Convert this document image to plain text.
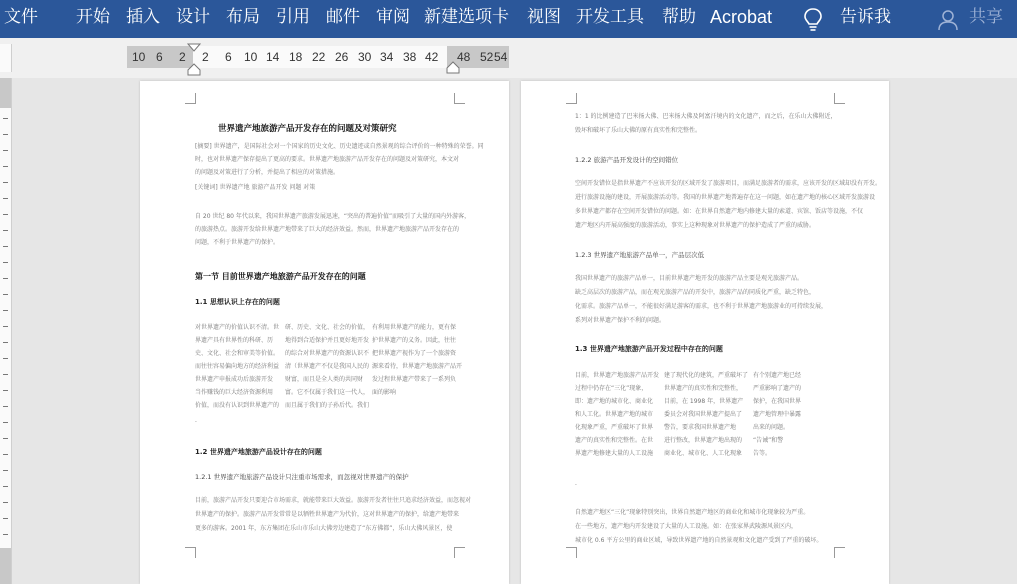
文件 开始 插入 设计 布局 引用 邮件 审阅 新建选项卡 视图 开发工具 帮助 Acrobat	告诉我	共享
10 6 2 2 6 10 14 18 22 26 30 34 38 42 48 52 54
世界遗产地旅游产品开发存在的问题及对策研究
[摘要] 世界遗产，是国际社会对一个国家的历史文化、历史遗迹或自然景观的综合评价的一种特殊的荣誉。同
时，也对世界遗产保存提出了更高的要求。世界遗产地旅游产品开发存在的问题及对策研究，本文对
的问题及对策进行了分析，并提出了相应的对策措施。
[关键词] 世界遗产地 旅游产品开发 问题 对策
自 20 世纪 80 年代以来，我国世界遗产旅游发展迅速，“突出的普遍价值”而吸引了大量的国内外游客，
的旅游热点。旅游开发给世界遗产地带来了巨大的经济效益。然而，世界遗产地旅游产品开发存在的
问题，不利于世界遗产的保护。
第一节 目前世界遗产地旅游产品开发存在的问题
1.1 思想认识上存在的问题
对世界遗产的价值认识不清。世
界遗产具有世界性的科研、历
史、文化、社会和审美等价值。
而往往容易偏向地方的经济利益
世界遗产申报成功后旅游开发
当作赚钱的巨大经济资源利用
价值，而没有认识到世界遗产的
研、历史、文化、社会的价值，
地得到合适保护并且更好地开发
的综合对世界遗产的资源认识不
清（世界遗产不仅是我国人民的
财富，而且是全人类的共同财
富。它不仅属于我们这一代人，
而且属于我们的子孙后代。我们
有利用世界遗产的能力，更有保
护世界遗产的义务。因此，往往
把世界遗产视作为了一个旅游资
源来看待，世界遗产地旅游产品开
发过程世界遗产带来了一系列负
面的影响
.
1.2 世界遗产地旅游产品设计存在的问题
1.2.1 世界遗产地旅游产品设计只注重市场需求，而忽视对世界遗产的保护
目前，旅游产品开发只要迎合市场需求，就能带来巨大效益。旅游开发者往往只追求经济效益，而忽视对
世界遗产的保护。旅游产品开发常常是以牺牲世界遗产为代价，这对世界遗产的保护，给遗产地带来
更多的游客。2001 年，东方集团在乐山市乐山大佛旁边建造了“东方佛都”，乐山大佛风景区，使
1：1 的比例建造了巴米扬大佛、巴米扬大佛及阿富汗境内的文化遗产，而之后，在乐山大佛附近，
毁坏和破坏了乐山大佛的原有真实性和完整性。
1.2.2 旅游产品开发设计的空间错位
空间开发错位是指世界遗产不应该开发的区域开发了旅游项目，而满足旅游者的需求，应该开发的区域却没有开发。
进行旅游设施的建设，开展旅游活动等。我国的世界遗产地普遍存在这一问题，如在遗产地的核心区域开发旅游设
多世界遗产都存在空间开发错位的问题。如：在世界自然遗产地内修建大量的索道、宾馆、饭店等设施，不仅
遗产地区内开展高强度的旅游活动，事实上这种现象对世界遗产的保护造成了严重的威胁。
1.2.3 世界遗产地旅游产品单一，产品层次低
我国世界遗产的旅游产品单一，目前世界遗产地开发的旅游产品主要是观光旅游产品。
缺乏高层次的旅游产品，而在观光旅游产品的开发中，旅游产品的同质化严重，缺乏特色，
化需求。旅游产品单一，不能很好满足游客的需求，也不利于世界遗产地旅游业的可持续发展，
系列对世界遗产保护不利的问题。
1.3 世界遗产地旅游产品开发过程中存在的问题
目前，世界遗产地旅游产品开发
过程中仍存在“三化”现象，
即：遗产地的城市化、商业化
和人工化。世界遗产地的城市
化现象严重，严重破坏了世界
遗产的真实性和完整性。在世
界遗产地修建大量的人工设施
建了现代化的建筑，严重破坏了
世界遗产的真实性和完整性，
目前，在 1998 年，世界遗产
委员会对我国世界遗产提出了
警告，要求我国世界遗产地
进行整改，世界遗产地出现的
商业化、城市化、人工化现象
有个别遗产地已经
严重影响了遗产的
保护，在我国世界
遗产地管理中暴露
出来的问题。
“告诫”和警
告等。
.
自然遗产地区“三化”现象特别突出，世界自然遗产地区的商业化和城市化现象较为严重。
在一些地方，遗产地内开发建设了大量的人工设施。如：在张家界武陵源风景区内，
城市化 0.6 平方公里的商业区域，导致世界遗产地的自然景观和文化遗产受到了严重的破坏。
